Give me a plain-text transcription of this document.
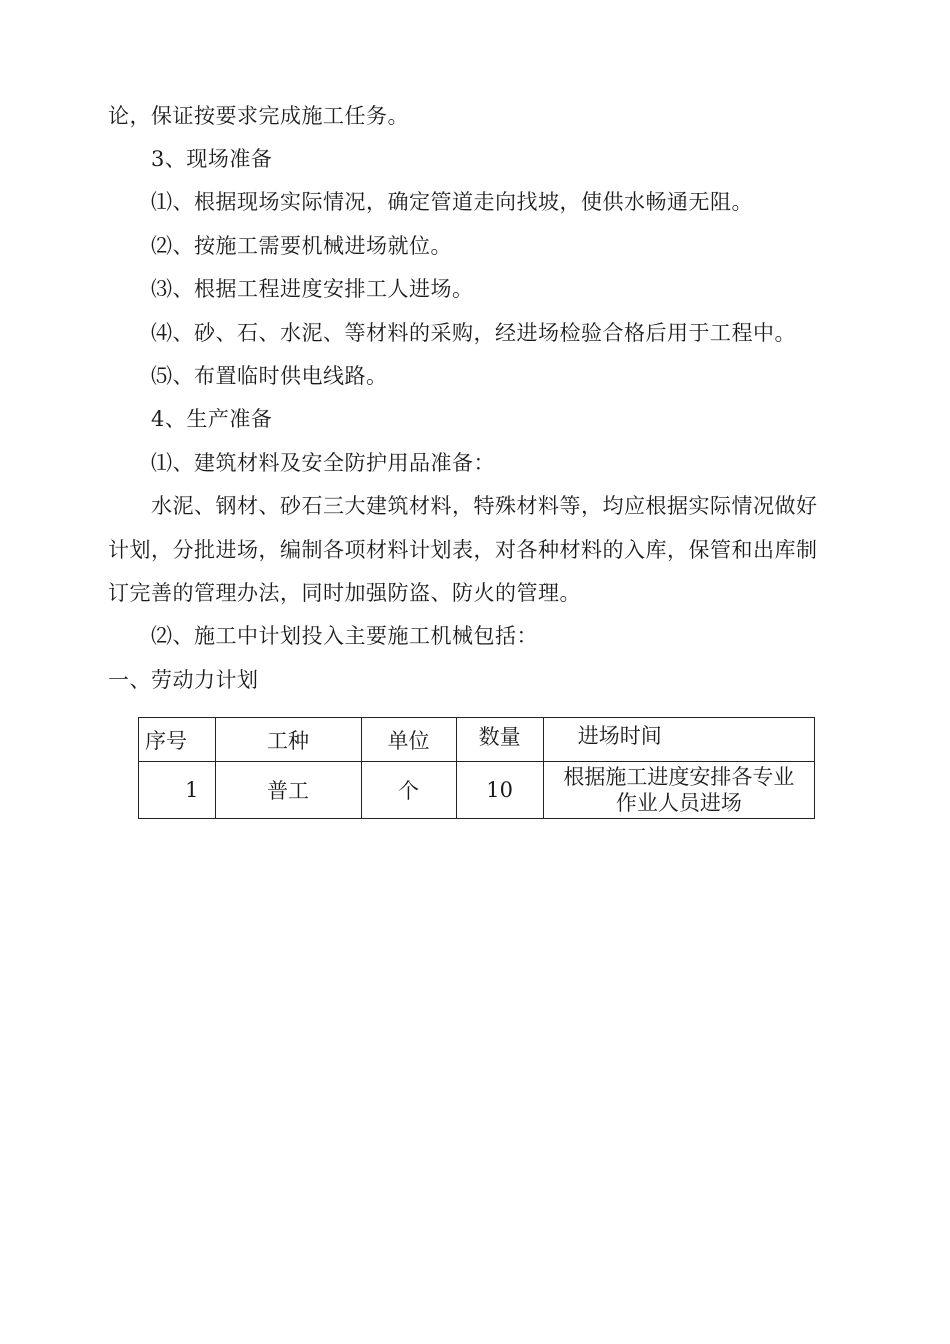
论，保证按要求完成施工任务。
3、现场准备
⑴、根据现场实际情况，确定管道走向找坡，使供水畅通无阻。
⑵、按施工需要机械进场就位。
⑶、根据工程进度安排工人进场。
⑷、砂、石、水泥、等材料的采购，经进场检验合格后用于工程中。
⑸、布置临时供电线路。
4、生产准备
⑴、建筑材料及安全防护用品准备：
水泥、钢材、砂石三大建筑材料，特殊材料等，均应根据实际情况做好
计划，分批进场，编制各项材料计划表，对各种材料的入库，保管和出库制
订完善的管理办法，同时加强防盗、防火的管理。
⑵、施工中计划投入主要施工机械包括：
一、劳动力计划
序号	工种	单位	数量	进场时间
1	普工	个	10	根据施工进度安排各专业
作业人员进场
